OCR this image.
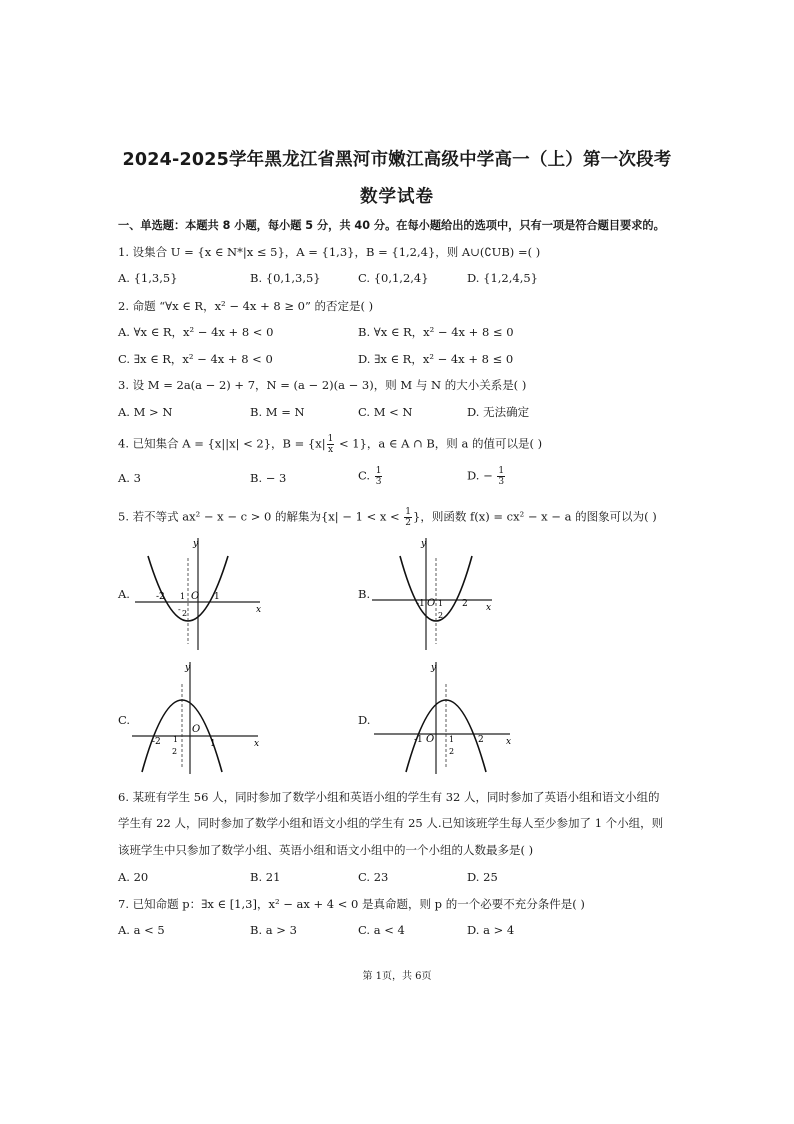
2024-2025学年黑龙江省黑河市嫩江高级中学高一（上）第一次段考
数学试卷
一、单选题：本题共 8 小题，每小题 5 分，共 40 分。在每小题给出的选项中，只有一项是符合题目要求的。
1. 设集合 U = {x ∈ N*|x ≤ 5}，A = {1,3}，B = {1,2,4}，则 A∪(∁UB) =( )
A. {1,3,5}	B. {0,1,3,5}	C. {0,1,2,4}	D. {1,2,4,5}
2. 命题 “∀x ∈ R，x² − 4x + 8 ≥ 0” 的否定是( )
A. ∀x ∈ R，x² − 4x + 8 < 0	B. ∀x ∈ R，x² − 4x + 8 ≤ 0
C. ∃x ∈ R，x² − 4x + 8 < 0	D. ∃x ∈ R，x² − 4x + 8 ≤ 0
3. 设 M = 2a(a − 2) + 7，N = (a − 2)(a − 3)，则 M 与 N 的大小关系是( )
A. M > N	B. M = N	C. M < N	D. 无法确定
4. 已知集合 A = {x||x| < 2}，$B = \{x| \frac{1}{x} < 1\}$，a ∈ A ∩ B，则 a 的值可以是( )
A. 3	B. − 3	C. $\frac{1}{3}$	D. − $\frac{1}{3}$
5. 若不等式 ax² − x − c > 0 的解集为{$x| - 1 < x < \frac{1}{2}$ }，则函数 f(x) = cx² − x − a 的图象可以为( )
A.	B.
C.	D.
y
x
O
-2 1
- 2
1
y
x
-1 O 1
2
2
y
x
-2 1
2
O
1
y
x
-1 O 1
2
2
6. 某班有学生 56 人，同时参加了数学小组和英语小组的学生有 32 人，同时参加了英语小组和语文小组的
学生有 22 人，同时参加了数学小组和语文小组的学生有 25 人.已知该班学生每人至少参加了 1 个小组，则
该班学生中只参加了数学小组、英语小组和语文小组中的一个小组的人数最多是( )
A. 20	B. 21	C. 23	D. 25
7. 已知命题 p：∃x ∈ [1,3]，x² − ax + 4 < 0 是真命题，则 p 的一个必要不充分条件是( )
A. a < 5	B. a > 3	C. a < 4	D. a > 4
第 1页，共 6页
